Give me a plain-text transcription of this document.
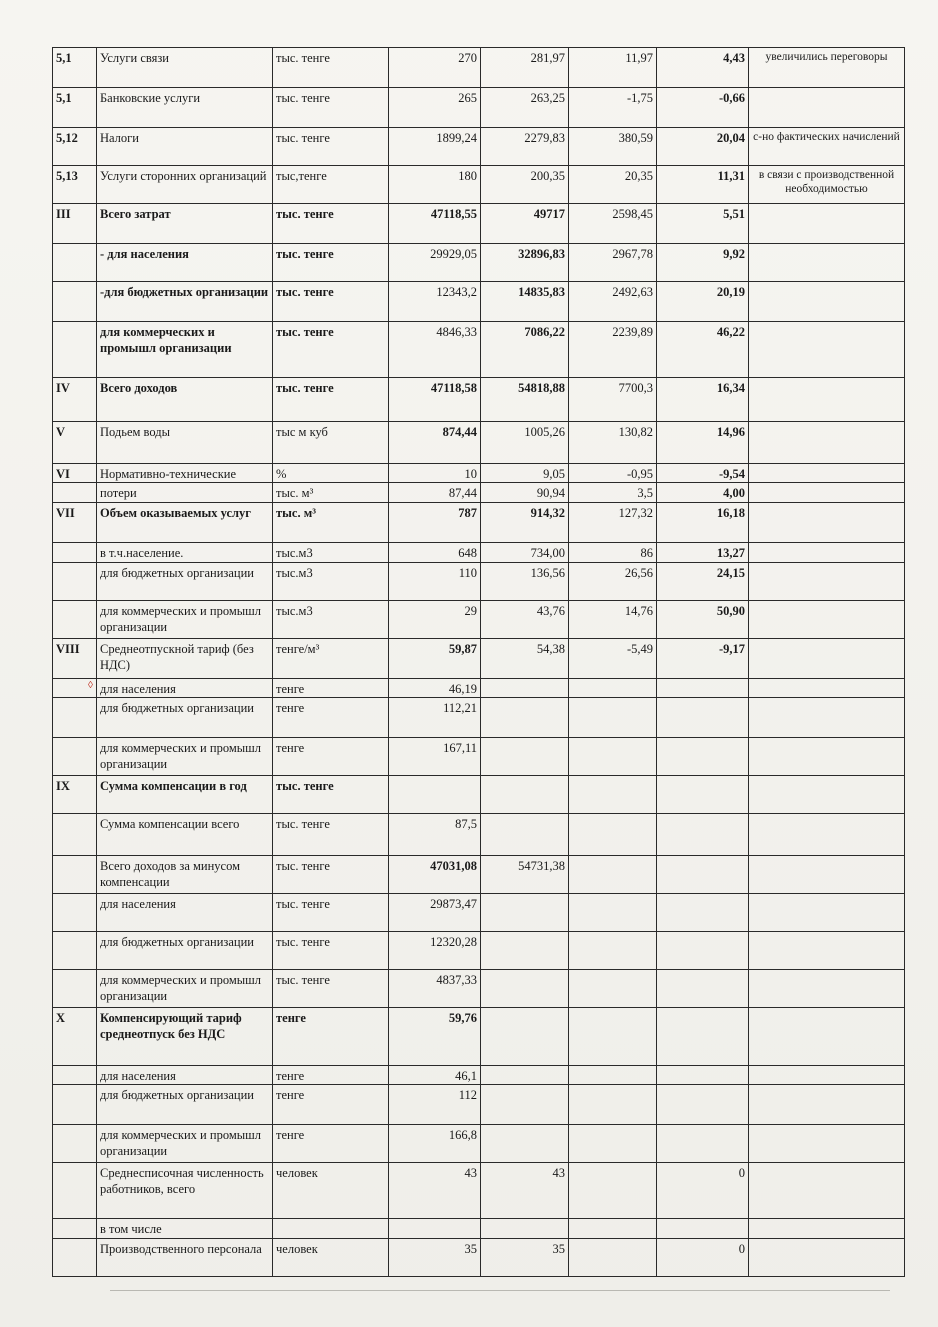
5,1	Услуги связи	тыс. тенге	270	281,97	11,97	4,43	увеличились переговоры
5,1	Банковские услуги	тыс. тенге	265	263,25	-1,75	-0,66	
5,12	Налоги	тыс. тенге	1899,24	2279,83	380,59	20,04	с-но фактических начислений
5,13	Услуги сторонних организаций	тыс,тенге	180	200,35	20,35	11,31	в связи с производственной необходимостью
III	Всего затрат	тыс. тенге	47118,55	49717	2598,45	5,51	
	- для населения	тыс. тенге	29929,05	32896,83	2967,78	9,92	
	-для бюджетных организации	тыс. тенге	12343,2	14835,83	2492,63	20,19	
	для коммерческих и промышл организации	тыс. тенге	4846,33	7086,22	2239,89	46,22	
IV	Всего доходов	тыс. тенге	47118,58	54818,88	7700,3	16,34	
V	Подьем воды	тыс м куб	874,44	1005,26	130,82	14,96	
VI	Нормативно-технические	%	10	9,05	-0,95	-9,54	
	потери	тыс. м³	87,44	90,94	3,5	4,00	
VII	Объем оказываемых услуг	тыс. м³	787	914,32	127,32	16,18	
	в т.ч.население.	тыс.м3	648	734,00	86	13,27	
	для бюджетных организации	тыс.м3	110	136,56	26,56	24,15	
	для коммерческих и промышл организации	тыс.м3	29	43,76	14,76	50,90	
VIII	Среднеотпускной тариф (без НДС)	тенге/м³	59,87	54,38	-5,49	-9,17	
	для населения	тенге	46,19				
	для бюджетных организации	тенге	112,21				
	для коммерческих и промышл организации	тенге	167,11				
IX	Сумма компенсации в год	тыс. тенге					
	Сумма компенсации всего	тыс. тенге	87,5				
	Всего доходов за минусом компенсации	тыс. тенге	47031,08	54731,38			
	для населения	тыс. тенге	29873,47				
	для бюджетных организации	тыс. тенге	12320,28				
	для коммерческих и промышл организации	тыс. тенге	4837,33				
X	Компенсирующий тариф среднеотпуск без НДС	тенге	59,76				
	для населения	тенге	46,1				
	для бюджетных организации	тенге	112				
	для коммерческих и промышл организации	тенге	166,8				
	Среднесписочная численность работников, всего	человек	43	43		0	
	в том числе						
	Производственного персонала	человек	35	35		0	
◊
